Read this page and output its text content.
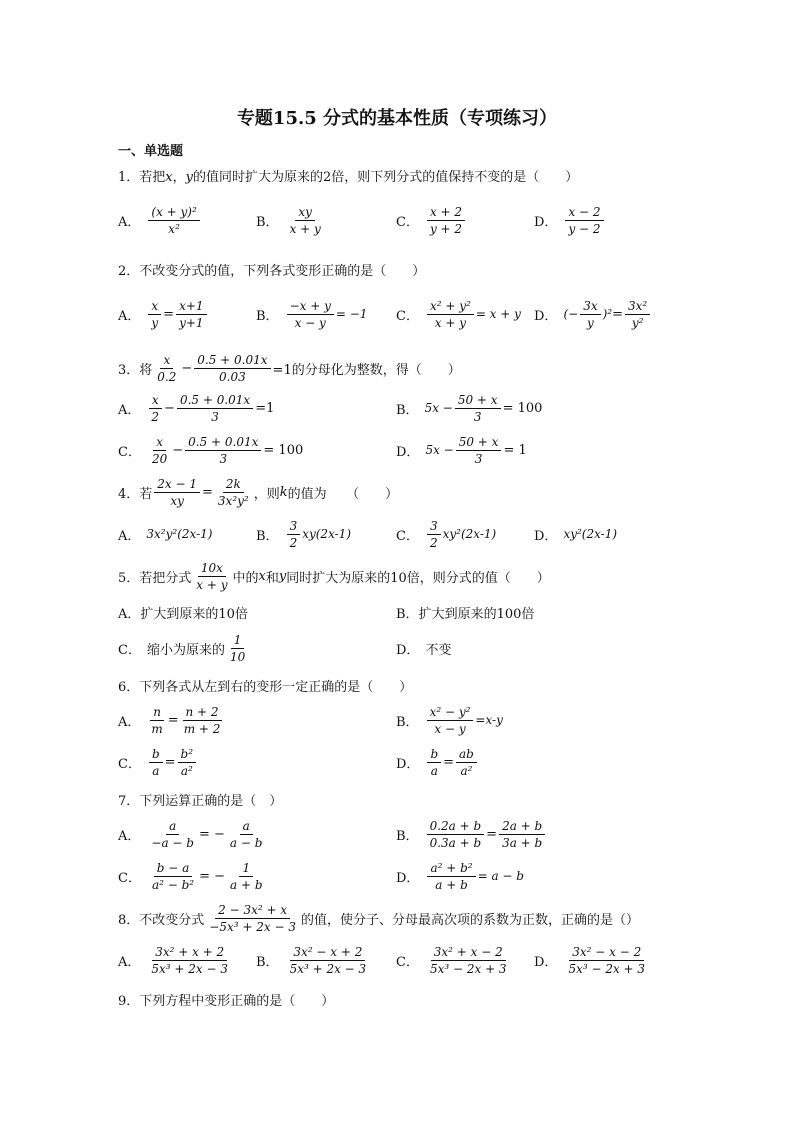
专题15.5 分式的基本性质（专项练习）
一、单选题
1．若把x，y的值同时扩大为原来的2倍，则下列分式的值保持不变的是（　　）
A． $\frac{\text{(x + y)²}}{\text{x²}}$	B． $\frac{xy}{x + y}$	C． $\frac{x + 2}{y + 2}$	D． $\frac{x - 2}{y - 2}$
2．不改变分式的值，下列各式变形正确的是（　　）
A． $\frac{x}{y} = \frac{x+1}{y+1}$	B． $\frac{-x + y}{x - y} = -1$ C． $\frac{\text{x² + y²}}{x + y} = x + y$ D． (− $\frac{3x}{y} )^2 = \frac{\text{3x²}}{\text{y²}}$
3．将 $\frac{x}{0.2} - \frac{0.5 + 0.01x}{0.03} =1$的分母化为整数，得（　　）
A． $\frac{x}{2} - \frac{0.5 + 0.01x}{3} =1$	B． $5x - \frac{50 + x}{3} = 100$
C． $\frac{x}{20} - \frac{0.5 + 0.01x}{3} = 100$	D． $5x - \frac{50 + x}{3} = 1$
4．若 $\frac{2x - 1}{xy} = \frac{2k}{\text{3x²y²}}$ ，则 k 的值为　　（　　）
A． 3x²y²(2x-1)	B． $\frac{3}{2} xy(2x-1)$	C． $\frac{3}{2} xy^2(2x-1)$	D． xy²(2x-1)
5．若把分式 $\frac{10x}{x + y}$ 中的 x 和 y 同时扩大为原来的10倍，则分式的值（　　）
A．扩大到原来的10倍	B．扩大到原来的100倍
C． 缩小为原来的 $\frac{1}{10}$	D． 不变
6．下列各式从左到右的变形一定正确的是（　　）
A． $\frac{n}{m} = \frac{n + 2}{m + 2}$	B． $\frac{\text{x² − y²}}{x - y} =x-y$
C． $\frac{b}{a} = \frac{\text{b²}}{\text{a²}}$	D． $\frac{b}{a} = \frac{ab}{\text{a²}}$
7．下列运算正确的是（　）
A． $\frac{a}{-a - b}$ = − $\frac{a}{a - b}$	B． $\frac{0.2a + b}{0.3a + b} = \frac{2a + b}{3a + b}$
C． $\frac{b - a}{\text{a² − b²}}$ = − $\frac{1}{a + b}$	D． $\frac{\text{a² + b²}}{a + b} = a - b$
8．不改变分式 $\frac{\text{2 − 3x² + x}}{\text{−5x³ + 2x − 3}}$ 的值，使分子、分母最高次项的系数为正数，正确的是（）
A． $\frac{\text{3x² + x + 2}}{\text{5x³ + 2x − 3}}$ B． $\frac{\text{3x² − x + 2}}{\text{5x³ + 2x − 3}}$ C． $\frac{\text{3x² + x − 2}}{\text{5x³ − 2x + 3}}$ D． $\frac{\text{3x² − x − 2}}{\text{5x³ − 2x + 3}}$
9．下列方程中变形正确的是（　　）
